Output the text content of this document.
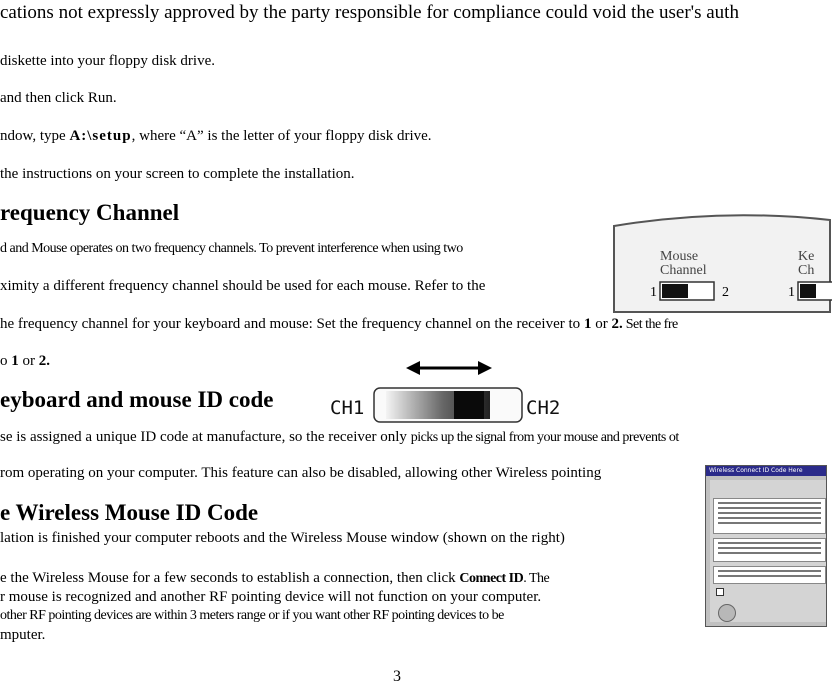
cations not expressly approved by the party responsible for compliance could void the user's auth
diskette into your floppy disk drive.
and then click Run.
ndow, type A:\setup, where “A” is the letter of your floppy disk drive.
the instructions on your screen to complete the installation.
requency Channel
d and Mouse operates on two frequency channels. To prevent interference when using two
ximity a different frequency channel should be used for each mouse. Refer to the
he frequency channel for your keyboard and mouse: Set the frequency channel on the receiver to 1 or 2. Set the fre
o 1 or 2.
eyboard and mouse ID code
se is assigned a unique ID code at manufacture, so the receiver only picks up the signal from your mouse and prevents ot
rom operating on your computer. This feature can also be disabled, allowing other Wireless pointing
e Wireless Mouse ID Code
lation is finished your computer reboots and the Wireless Mouse window (shown on the right)
e the Wireless Mouse for a few seconds to establish a connection, then click Connect ID. The
r mouse is recognized and another RF pointing device will not function on your computer.
other RF pointing devices are within 3 meters range or if you want other RF pointing devices to be
mputer.
3
Mouse
Channel
Ke
Ch
1	2	1
CH1	CH2
Wireless Connect ID Code Here
